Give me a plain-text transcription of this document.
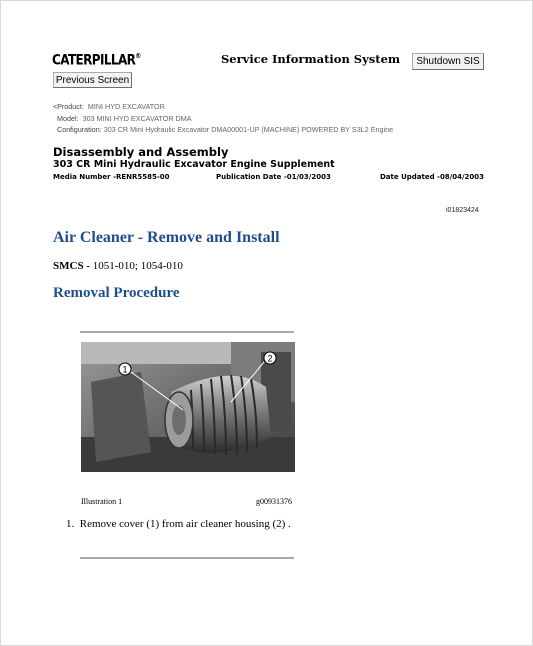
CATERPILLAR®	Service Information System	Shutdown SIS
Previous Screen
<Product: MINI HYD EXCAVATOR
Model: 303 MINI HYD EXCAVATOR DMA
Configuration: 303 CR Mini Hydraulic Excavator DMA00001-UP (MACHINE) POWERED BY S3L2 Engine
Disassembly and Assembly
303 CR Mini Hydraulic Excavator Engine Supplement
Media Number -RENR5585-00	Publication Date -01/03/2003	Date Updated -08/04/2003
i01823424
Air Cleaner - Remove and Install
SMCS - 1051-010; 1054-010
Removal Procedure
1
2
Illustration 1	g00931376
1. Remove cover (1) from air cleaner housing (2) .
